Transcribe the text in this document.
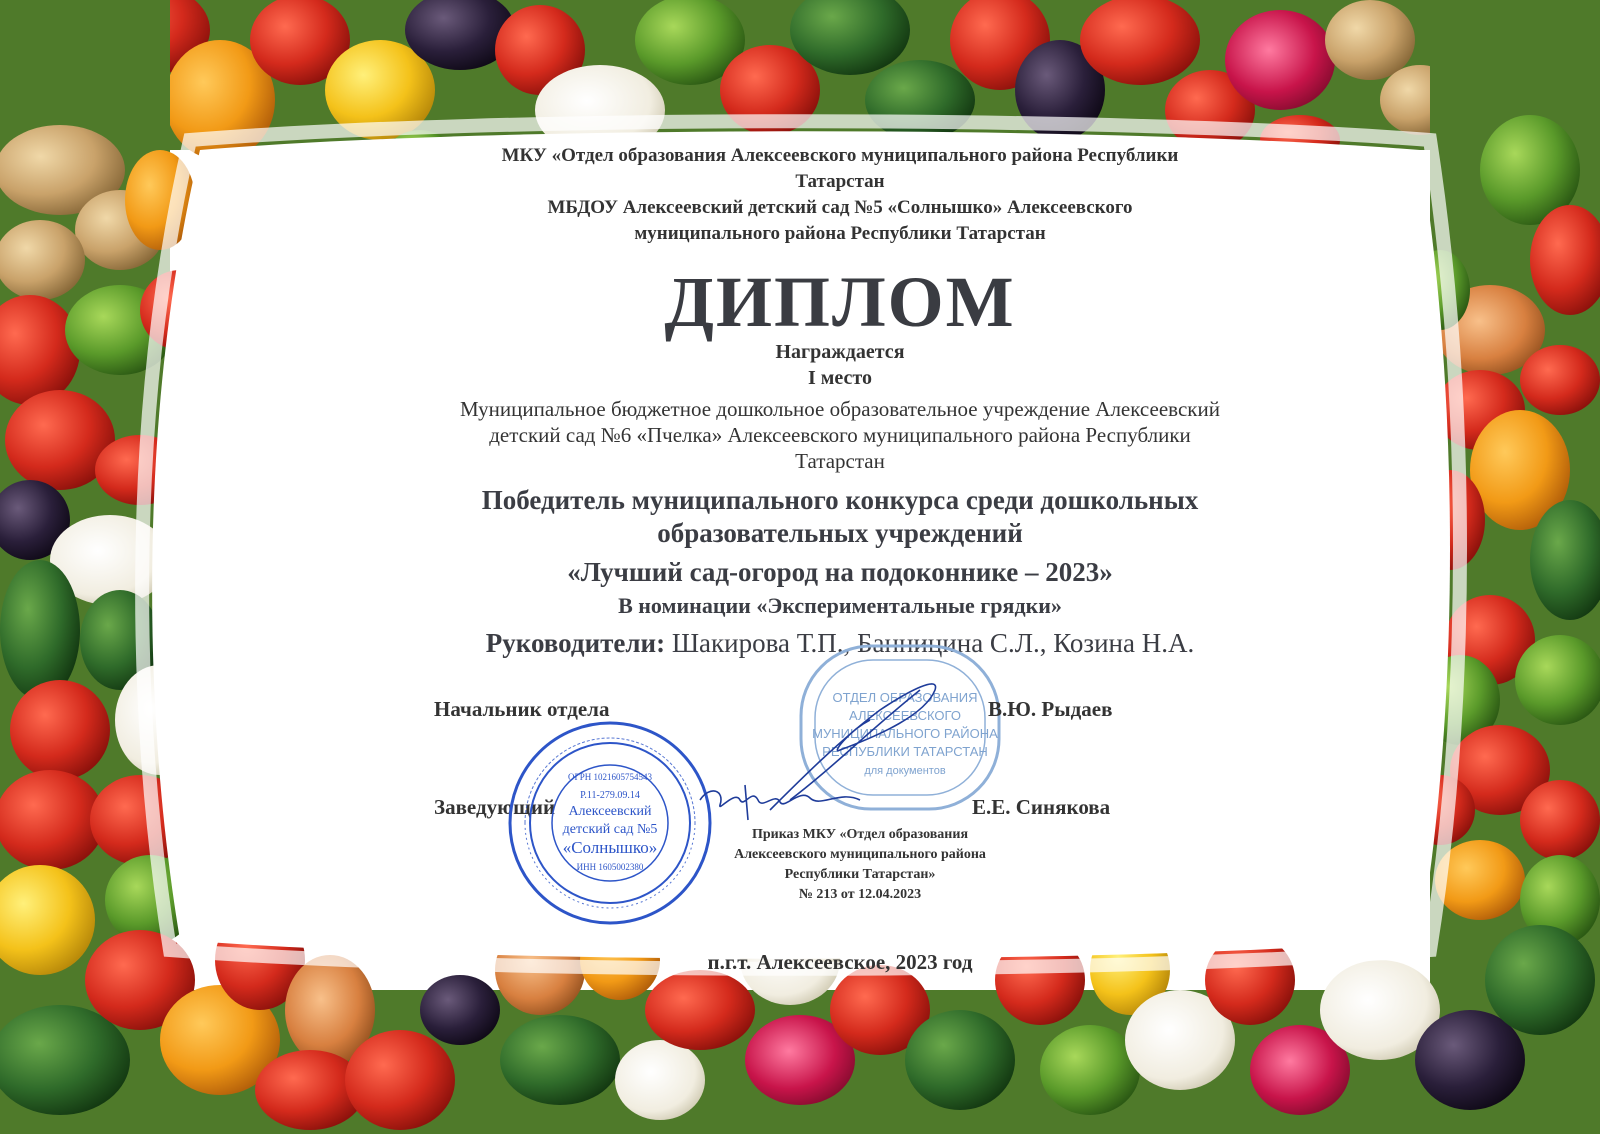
МКУ «Отдел образования Алексеевского муниципального района Республики
Татарстан
МБДОУ Алексеевский детский сад №5 «Солнышко» Алексеевского
муниципального района Республики Татарстан
ДИПЛОМ
Награждается
I место
Муниципальное бюджетное дошкольное образовательное учреждение Алексеевский
детский сад №6 «Пчелка» Алексеевского муниципального района Республики
Татарстан
Победитель муниципального конкурса среди дошкольных
образовательных учреждений
«Лучший сад-огород на подоконнике – 2023»
В номинации «Экспериментальные грядки»
Руководители: Шакирова Т.П., Банницина С.Л., Козина Н.А.
ОТДЕЛ ОБРАЗОВАНИЯ
АЛЕКСЕЕВСКОГО
МУНИЦИПАЛЬНОГО РАЙОНА
РЕСПУБЛИКИ ТАТАРСТАН
для документов
Начальник отдела	В.Ю. Рыдаев
Заведующий	Е.Е. Синякова
Р.11-279.09.14
Алексеевский
детский сад №5
«Солнышко»
ИНН 1605002380
ОГРН 1021605754543
Приказ МКУ «Отдел образования
Алексеевского муниципального района
Республики Татарстан»
№ 213 от 12.04.2023
п.г.т. Алексеевское, 2023 год
